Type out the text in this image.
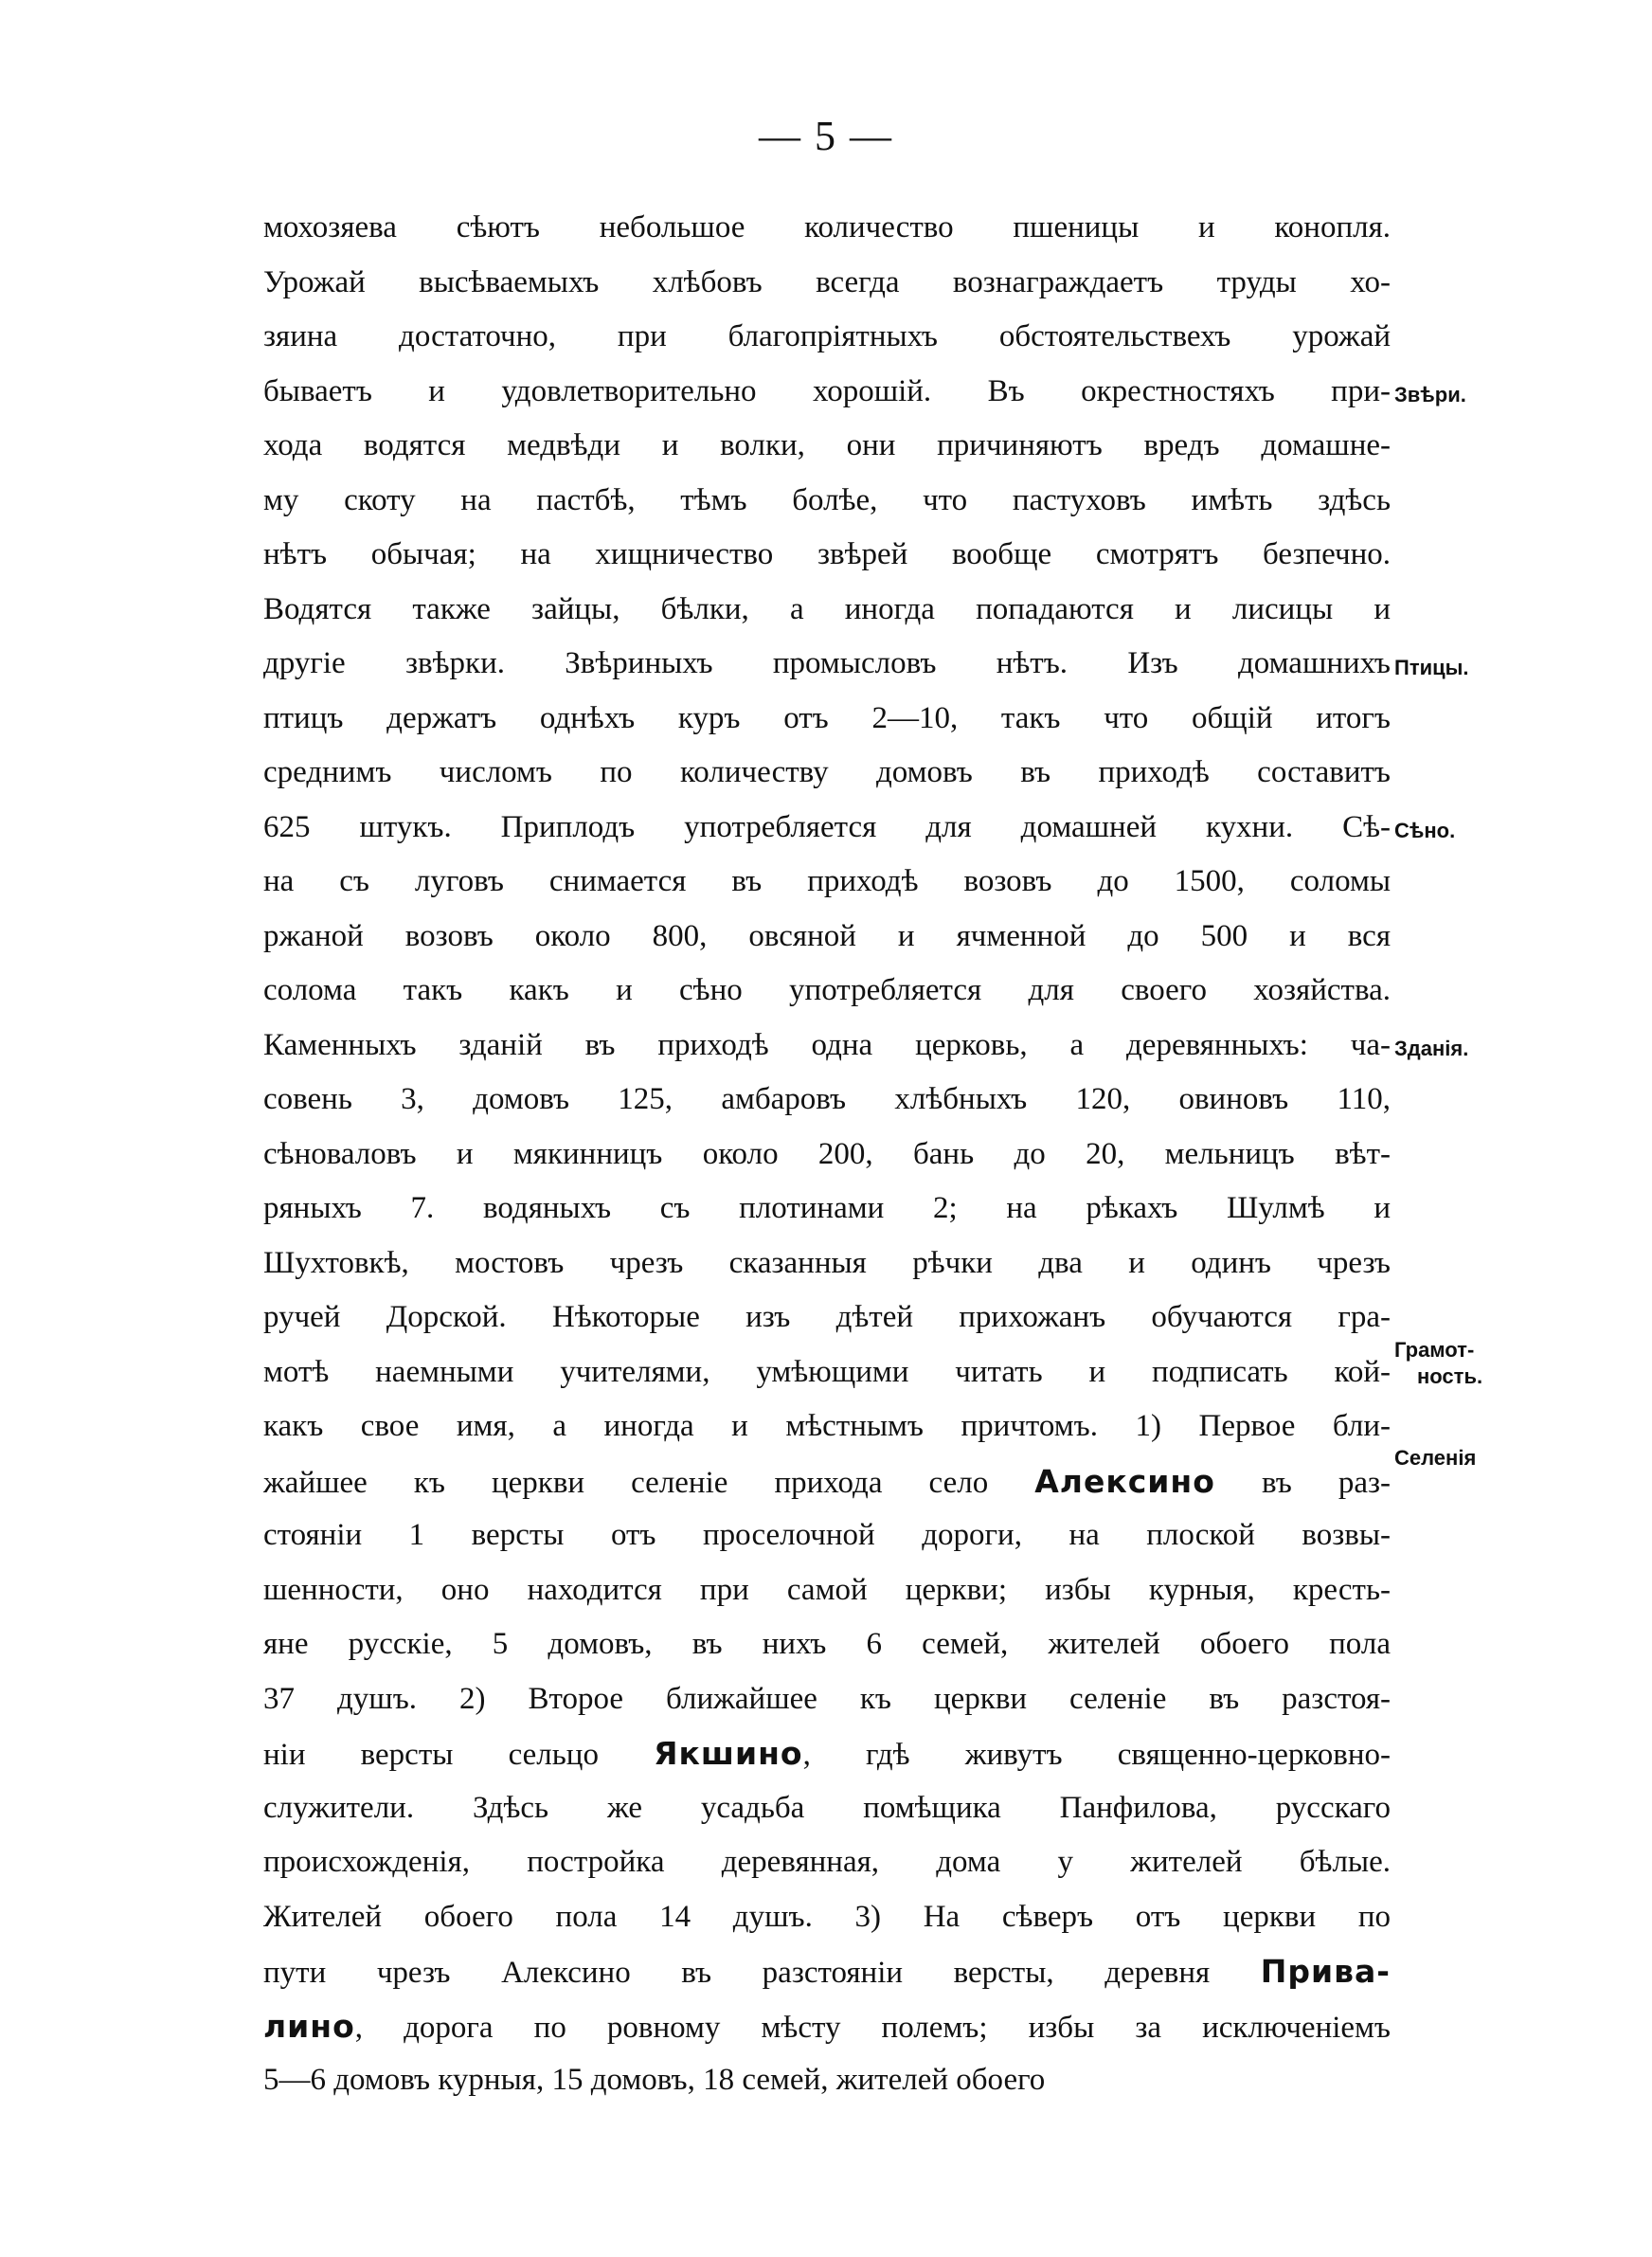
— 5 —
мохозяева сѣютъ небольшое количество пшеницы и конопля.
Урожай высѣваемыхъ хлѣбовъ всегда вознаграждаетъ труды хо-
зяина достаточно, при благопріятныхъ обстоятельствехъ урожай
бываетъ и удовлетворительно хорошій. Въ окрестностяхъ при-
хода водятся медвѣди и волки, они причиняютъ вредъ домашне-
му скоту на пастбѣ, тѣмъ болѣе, что пастуховъ имѣть здѣсь
нѣтъ обычая; на хищничество звѣрей вообще смотрятъ безпечно.
Водятся также зайцы, бѣлки, а иногда попадаются и лисицы и
другіе звѣрки. Звѣриныхъ промысловъ нѣтъ. Изъ домашнихъ
птицъ держатъ однѣхъ куръ отъ 2—10, такъ что общій итогъ
среднимъ числомъ по количеству домовъ въ приходѣ составитъ
625 штукъ. Приплодъ употребляется для домашней кухни. Сѣ-
на съ луговъ снимается въ приходѣ возовъ до 1500, соломы
ржаной возовъ около 800, овсяной и ячменной до 500 и вся
солома такъ какъ и сѣно употребляется для своего хозяйства.
Каменныхъ зданій въ приходѣ одна церковь, а деревянныхъ: ча-
совень 3, домовъ 125, амбаровъ хлѣбныхъ 120, овиновъ 110,
сѣноваловъ и мякинницъ около 200, бань до 20, мельницъ вѣт-
ряныхъ 7. водяныхъ съ плотинами 2; на рѣкахъ Шулмѣ и
Шухтовкѣ, мостовъ чрезъ сказанныя рѣчки два и одинъ чрезъ
ручей Дорской. Нѣкоторые изъ дѣтей прихожанъ обучаются гра-
мотѣ наемными учителями, умѣющими читать и подписать кой-
какъ свое имя, а иногда и мѣстнымъ причтомъ. 1) Первое бли-
жайшее къ церкви селеніе прихода село Алексино въ раз-
стояніи 1 версты отъ проселочной дороги, на плоской возвы-
шенности, оно находится при самой церкви; избы курныя, кресть-
яне русскіе, 5 домовъ, въ нихъ 6 семей, жителей обоего пола
37 душъ. 2) Второе ближайшее къ церкви селеніе въ разстоя-
ніи версты сельцо Якшино, гдѣ живутъ священно-церковно-
служители. Здѣсь же усадьба помѣщика Панфилова, русскаго
происхожденія, постройка деревянная, дома у жителей бѣлые.
Жителей обоего пола 14 душъ. 3) На сѣверъ отъ церкви по
пути чрезъ Алексино въ разстояніи версты, деревня Прива-
лино, дорога по ровному мѣсту полемъ; избы за исключеніемъ
5—6 домовъ курныя, 15 домовъ, 18 семей, жителей обоего
Звѣри.
Птицы.
Сѣно.
Зданія.
Грамот-
ность.
Селенія
